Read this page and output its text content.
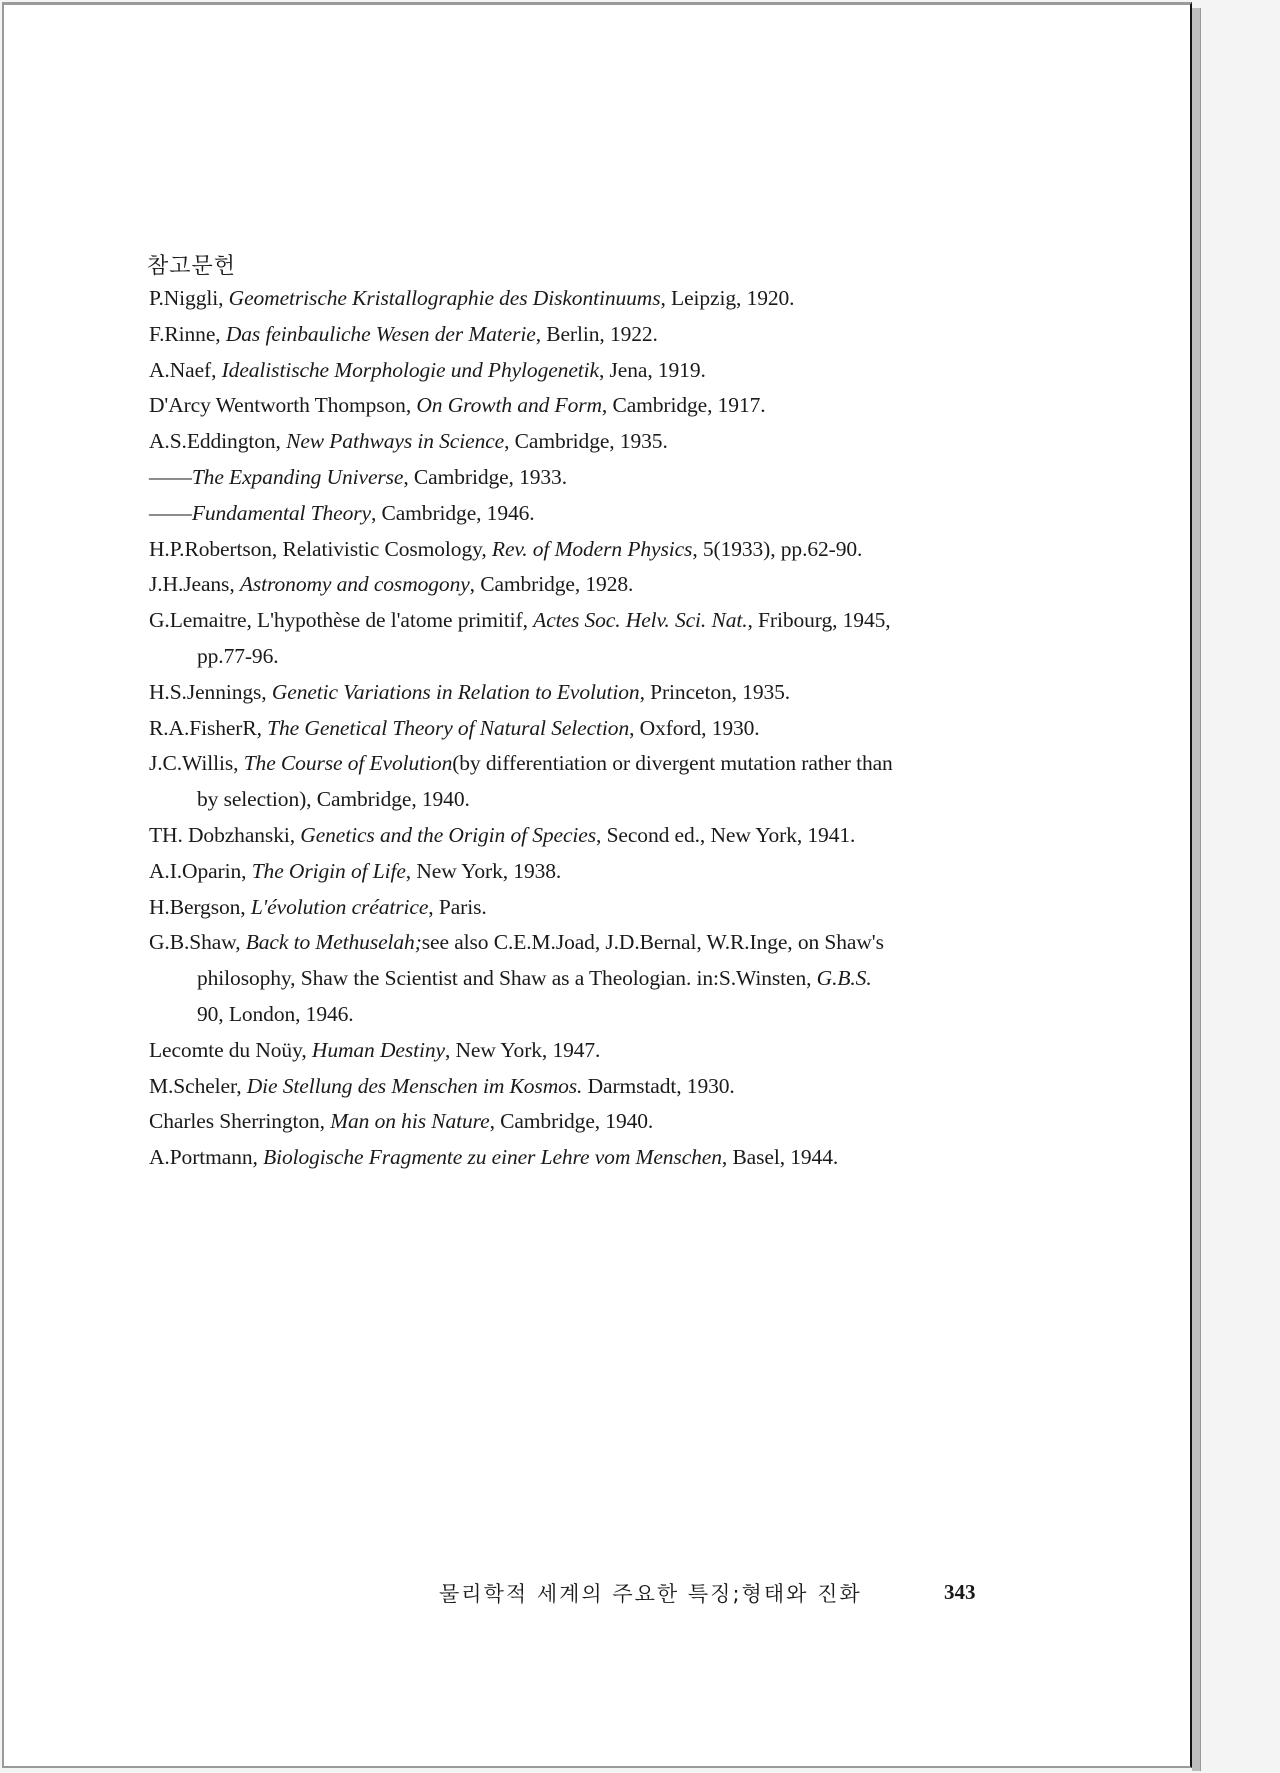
참고문헌
P.Niggli, Geometrische Kristallographie des Diskontinuums, Leipzig, 1920.
F.Rinne, Das feinbauliche Wesen der Materie, Berlin, 1922.
A.Naef, Idealistische Morphologie und Phylogenetik, Jena, 1919.
D'Arcy Wentworth Thompson, On Growth and Form, Cambridge, 1917.
A.S.Eddington, New Pathways in Science, Cambridge, 1935.
——The Expanding Universe, Cambridge, 1933.
——Fundamental Theory, Cambridge, 1946.
H.P.Robertson, Relativistic Cosmology, Rev. of Modern Physics, 5(1933), pp.62-90.
J.H.Jeans, Astronomy and cosmogony, Cambridge, 1928.
G.Lemaitre, L'hypothèse de l'atome primitif, Actes Soc. Helv. Sci. Nat., Fribourg, 1945,
pp.77-96.
H.S.Jennings, Genetic Variations in Relation to Evolution, Princeton, 1935.
R.A.FisherR, The Genetical Theory of Natural Selection, Oxford, 1930.
J.C.Willis, The Course of Evolution(by differentiation or divergent mutation rather than
by selection), Cambridge, 1940.
TH. Dobzhanski, Genetics and the Origin of Species, Second ed., New York, 1941.
A.I.Oparin, The Origin of Life, New York, 1938.
H.Bergson, L'évolution créatrice, Paris.
G.B.Shaw, Back to Methuselah;see also C.E.M.Joad, J.D.Bernal, W.R.Inge, on Shaw's
philosophy, Shaw the Scientist and Shaw as a Theologian. in:S.Winsten, G.B.S.
90, London, 1946.
Lecomte du Noüy, Human Destiny, New York, 1947.
M.Scheler, Die Stellung des Menschen im Kosmos. Darmstadt, 1930.
Charles Sherrington, Man on his Nature, Cambridge, 1940.
A.Portmann, Biologische Fragmente zu einer Lehre vom Menschen, Basel, 1944.
물리학적 세계의 주요한 특징;형태와 진화	343
